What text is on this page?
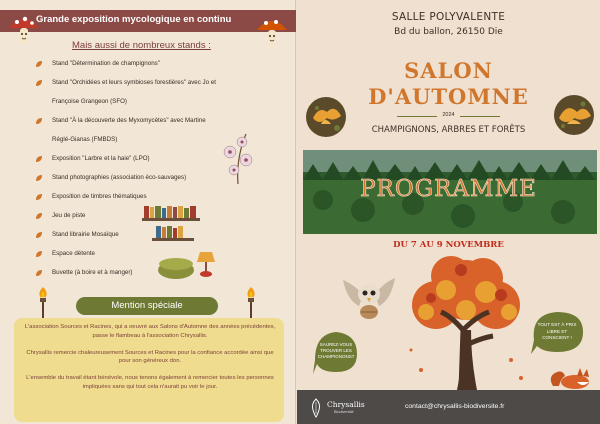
Grande exposition mycologique en continu
Mais aussi de nombreux stands :
Stand "Détermination de champignons"
Stand "Orchidées et leurs symbioses forestières" avec Jo et
Françoise Grangeon (SFO)
Stand "À la découverte des Myxomycètes" avec Martine
Réglé-Gianas (FMBDS)
Exposition "Larbre et la haie" (LPO)
Stand photographies (association éco-sauvages)
Exposition de timbres thématiques
Jeu de piste
Stand librairie Mosaïque
Espace détente
Buvette (à boire et à manger)
Mention spéciale

L'association Sources et Racines, qui a oeuvré aux Salons d'Automne des années précédentes, passe le flambeau à l'association Chrysallis.

Chrysallis remercie chaleureusement Sources et Racines pour la confiance accordée ainsi que pour son généreux don.

L'ensemble du travail étant bénévole, nous tenons également à remercier toutes les personnes impliquées sans qui tout cela n'aurait pu voir le jour.

SALLE POLYVALENTE
Bd du ballon, 26150 Die
SALON
D'AUTOMNE
2024
CHAMPIGNONS, ARBRES ET FORÊTS
PROGRAMME
DU 7 AU 9 NOVEMBRE
SAUREZ-VOUS TROUVER LES CHAMPIGNONS?
TOUT EST À PRIX LIBRE ET CONSCIENT !
Chrysallis
Biodiversité
contact@chrysallis-biodiversite.fr
